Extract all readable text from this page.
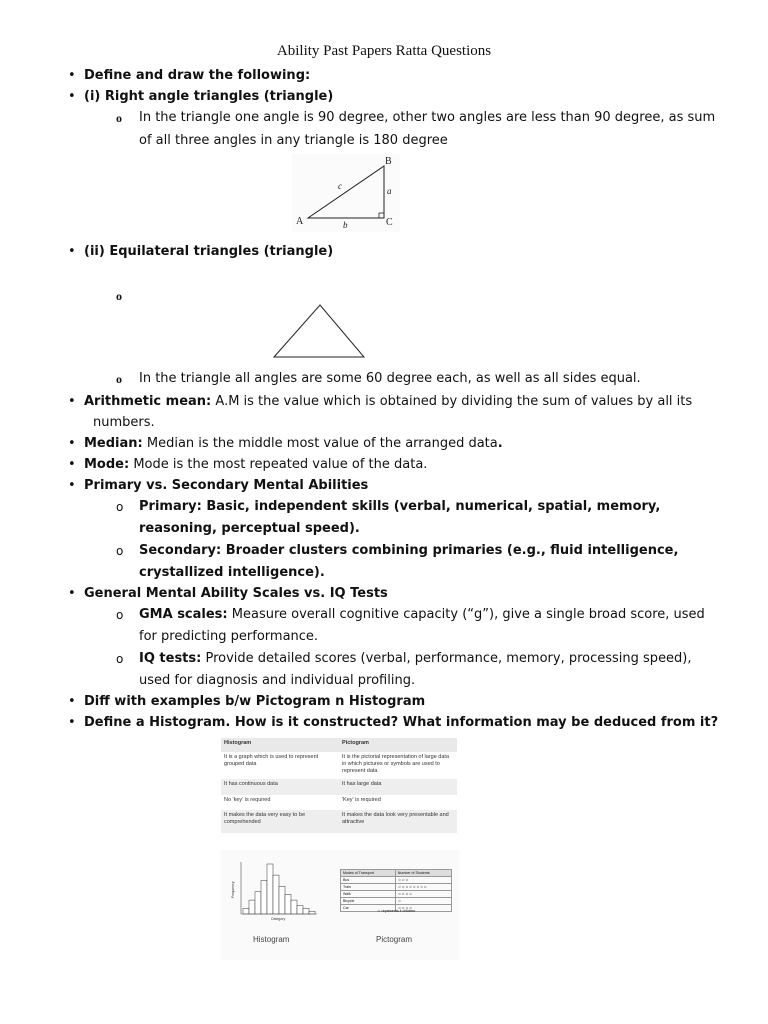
Ability Past Papers Ratta Questions
• Define and draw the following:
• (i) Right angle triangles (triangle)
o In the triangle one angle is 90 degree, other two angles are less than 90 degree, as sum
of all three angles in any triangle is 180 degree
A
B
C
a
b
c
• (ii) Equilateral triangles (triangle)
o
o In the triangle all angles are some 60 degree each, as well as all sides equal.
• Arithmetic mean: A.M is the value which is obtained by dividing the sum of values by all its
numbers.
• Median: Median is the middle most value of the arranged data.
• Mode: Mode is the most repeated value of the data.
• Primary vs. Secondary Mental Abilities
o Primary: Basic, independent skills (verbal, numerical, spatial, memory,
reasoning, perceptual speed).
o Secondary: Broader clusters combining primaries (e.g., fluid intelligence,
crystallized intelligence).
• General Mental Ability Scales vs. IQ Tests
o GMA scales: Measure overall cognitive capacity (“g”), give a single broad score, used
for predicting performance.
o IQ tests: Provide detailed scores (verbal, performance, memory, processing speed),
used for diagnosis and individual profiling.
• Diff with examples b/w Pictogram n Histogram
• Define a Histogram. How is it constructed? What information may be deduced from it?
Histogram	Pictogram
It is a graph which is used to represent grouped data	It is the pictorial representation of large data in which pictures or symbols are used to represent data
It has continuous data	It has large data
No 'key' is required	'Key' is required
It makes the data very easy to be comprehended	It makes the data look very presentable and attractive
Frequency
Category
Modes of Transport	Number of Students
Bus	☺☺☺
Train	☺☺☺☺☺☺☺☺
Walk	☺☺☺☺
Bicycle	☺
Car	☺☺☺☺
☺ represents 4 children
Histogram	Pictogram
